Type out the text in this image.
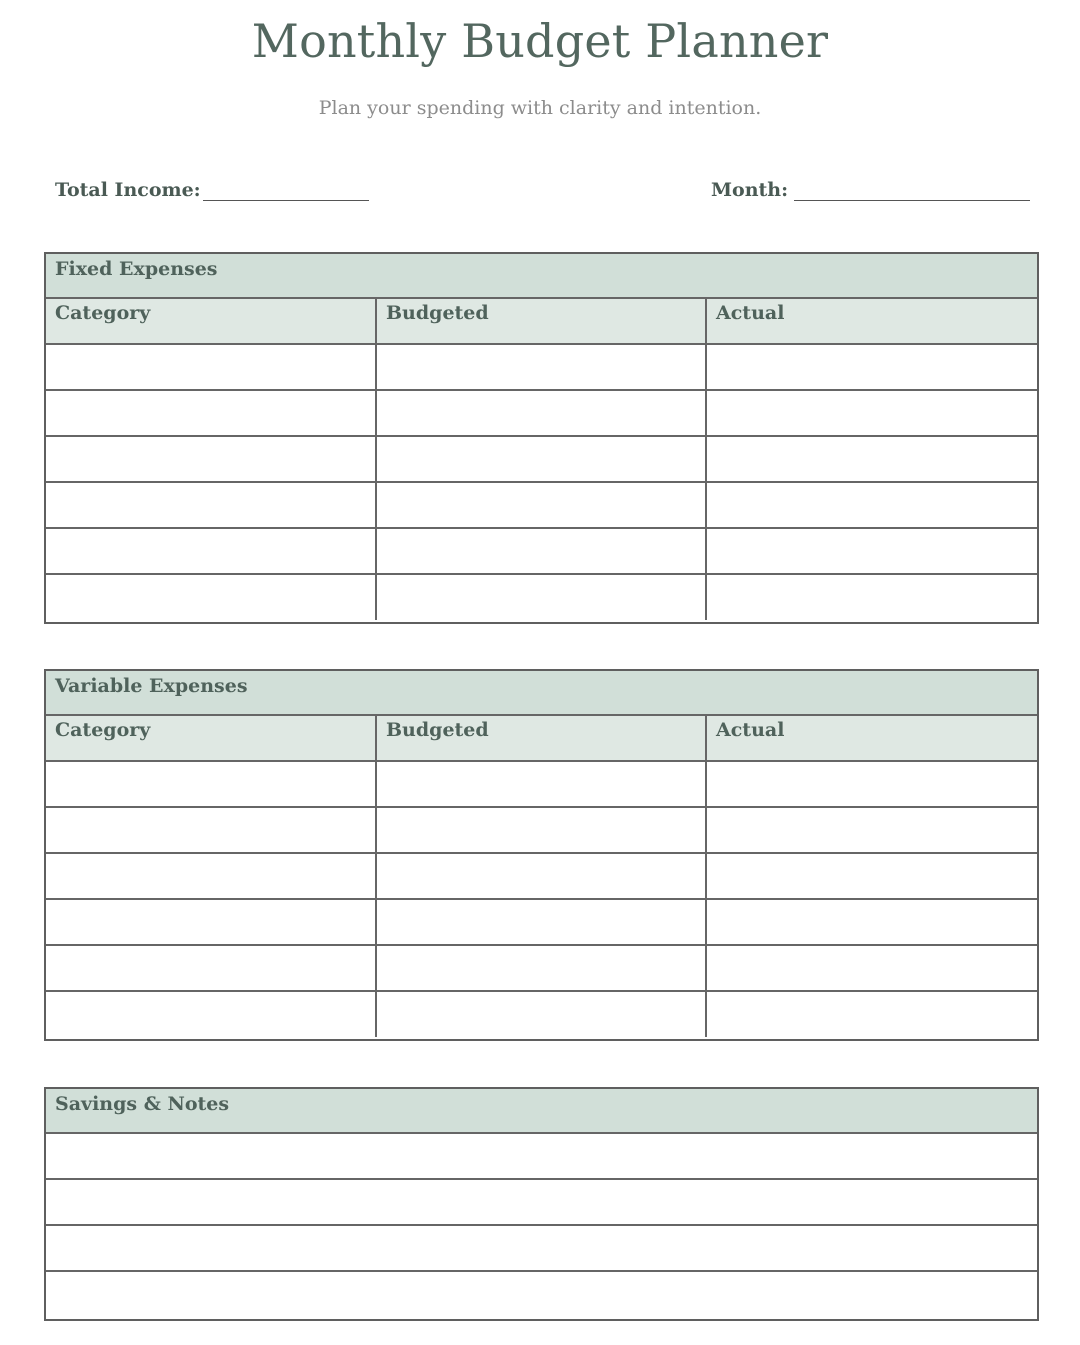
Monthly Budget Planner

Plan your spending with clarity and intention.

Total Income:	Month:
Fixed Expenses		
Category	Budgeted	Actual

Variable Expenses		
Category	Budgeted	Actual

Savings & Notes
